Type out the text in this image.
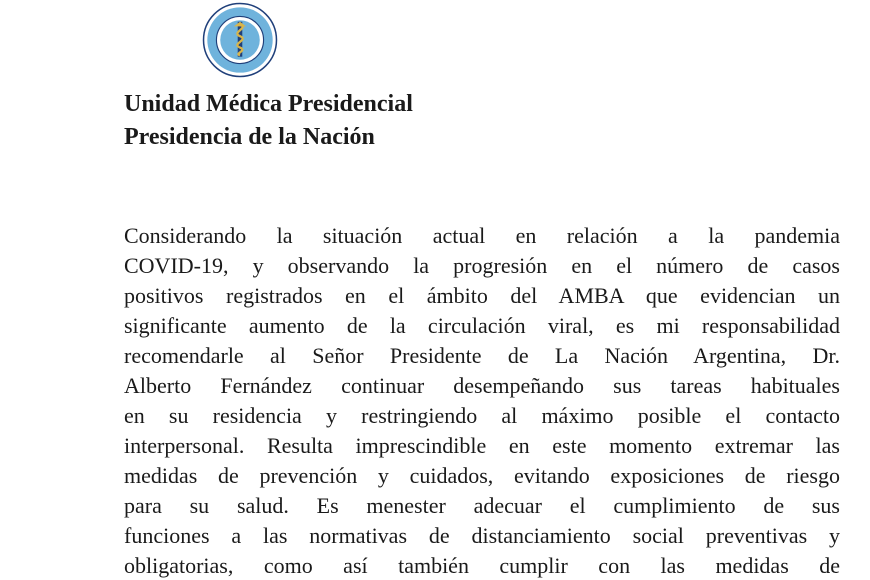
Unidad Médica Presidencial
Presidencia de la Nación
Considerando la situación actual en relación a la pandemia
COVID-19, y observando la progresión en el número de casos
positivos registrados en el ámbito del AMBA que evidencian un
significante aumento de la circulación viral, es mi responsabilidad
recomendarle al Señor Presidente de La Nación Argentina, Dr.
Alberto Fernández continuar desempeñando sus tareas habituales
en su residencia y restringiendo al máximo posible el contacto
interpersonal. Resulta imprescindible en este momento extremar las
medidas de prevención y cuidados, evitando exposiciones de riesgo
para su salud. Es menester adecuar el cumplimiento de sus
funciones a las normativas de distanciamiento social preventivas y
obligatorias, como así también cumplir con las medidas de
